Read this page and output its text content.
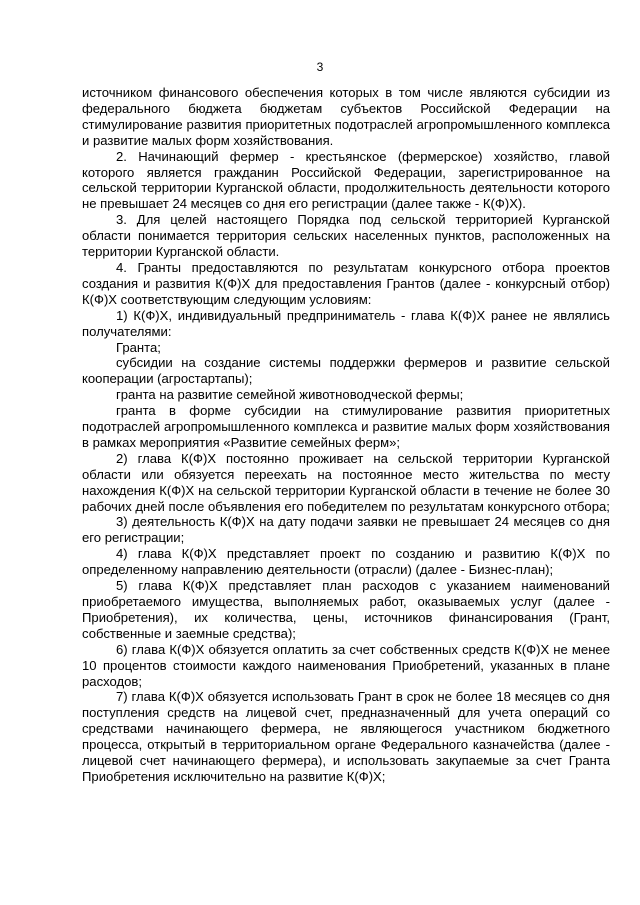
3

источником финансового обеспечения которых в том числе являются субсидии из федерального бюджета бюджетам субъектов Российской Федерации на стимулирование развития приоритетных подотраслей агропромышленного комплекса и развитие малых форм хозяйствования.

2. Начинающий фермер - крестьянское (фермерское) хозяйство, главой которого является гражданин Российской Федерации, зарегистрированное на сельской территории Курганской области, продолжительность деятельности которого не превышает 24 месяцев со дня его регистрации (далее также - К(Ф)Х).

3. Для целей настоящего Порядка под сельской территорией Курганской области понимается территория сельских населенных пунктов, расположенных на территории Курганской области.

4. Гранты предоставляются по результатам конкурсного отбора проектов создания и развития К(Ф)Х для предоставления Грантов (далее - конкурсный отбор) К(Ф)Х соответствующим следующим условиям:

1) К(Ф)Х, индивидуальный предприниматель - глава К(Ф)Х ранее не являлись получателями:

Гранта;

субсидии на создание системы поддержки фермеров и развитие сельской кооперации (агростартапы);

гранта на развитие семейной животноводческой фермы;

гранта в форме субсидии на стимулирование развития приоритетных подотраслей агропромышленного комплекса и развитие малых форм хозяйствования в рамках мероприятия «Развитие семейных ферм»;

2) глава К(Ф)Х постоянно проживает на сельской территории Курганской области или обязуется переехать на постоянное место жительства по месту нахождения К(Ф)Х на сельской территории Курганской области в течение не более 30 рабочих дней после объявления его победителем по результатам конкурсного отбора;

3) деятельность К(Ф)Х на дату подачи заявки не превышает 24 месяцев со дня его регистрации;

4) глава К(Ф)Х представляет проект по созданию и развитию К(Ф)Х по определенному направлению деятельности (отрасли) (далее - Бизнес-план);

5) глава К(Ф)Х представляет план расходов с указанием наименований приобретаемого имущества, выполняемых работ, оказываемых услуг (далее - Приобретения), их количества, цены, источников финансирования (Грант, собственные и заемные средства);

6) глава К(Ф)Х обязуется оплатить за счет собственных средств К(Ф)Х не менее 10 процентов стоимости каждого наименования Приобретений, указанных в плане расходов;

7) глава К(Ф)Х обязуется использовать Грант в срок не более 18 месяцев со дня поступления средств на лицевой счет, предназначенный для учета операций со средствами начинающего фермера, не являющегося участником бюджетного процесса, открытый в территориальном органе Федерального казначейства (далее - лицевой счет начинающего фермера), и использовать закупаемые за счет Гранта Приобретения исключительно на развитие К(Ф)Х;
